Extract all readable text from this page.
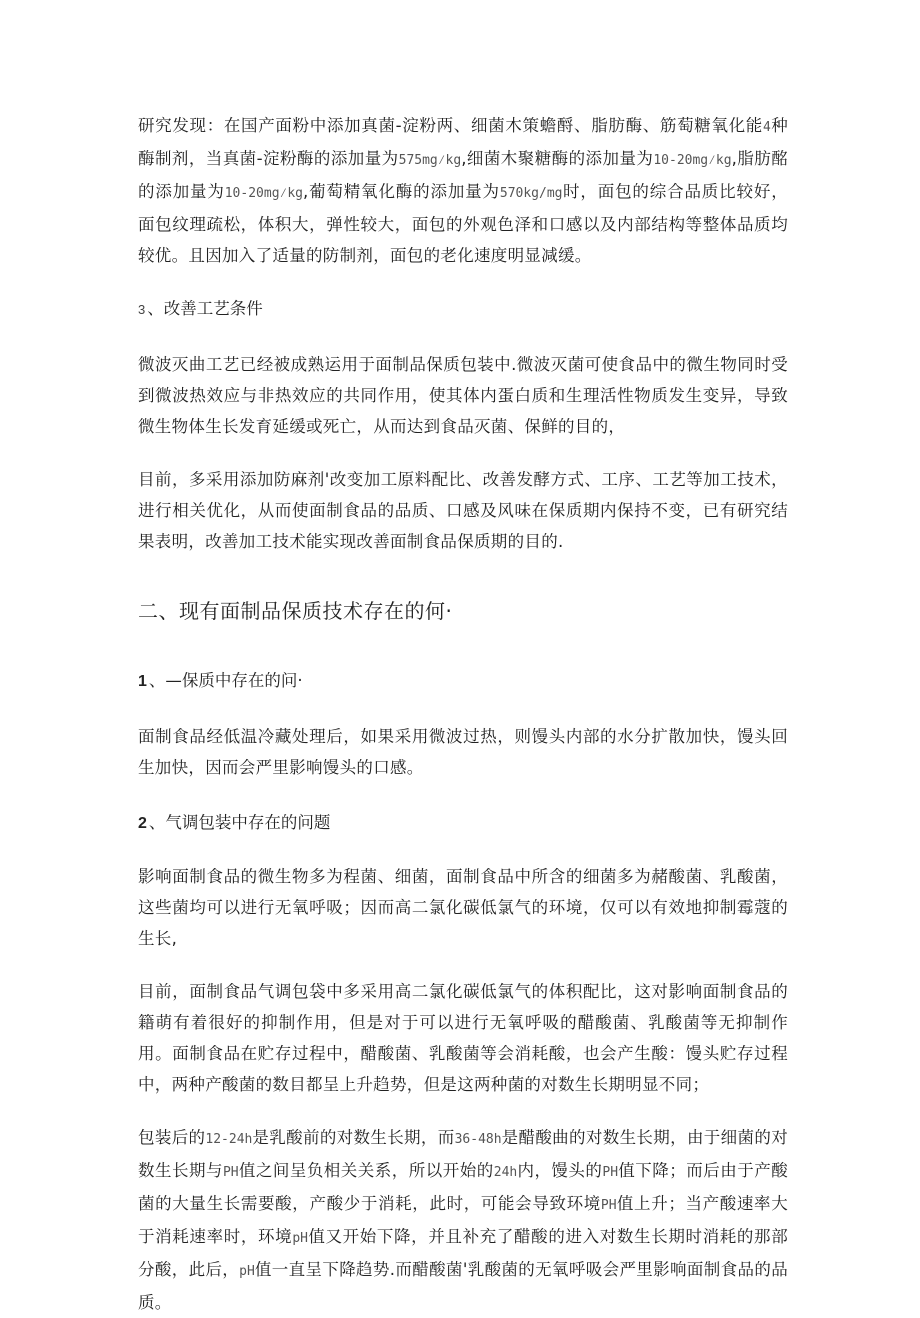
研究发现：在国产面粉中添加真菌-淀粉两、细菌木策蟾酹、脂肪酶、筋萄糖氧化能4种酶制剂，当真菌-淀粉酶的添加量为575mg⁄kg,细菌木聚糖酶的添加量为10-20mg⁄kg,脂肪酩的添加量为10-20mg⁄kg,葡萄精氧化酶的添加量为570kg/mg时，面包的综合品质比较好，面包纹理疏松，体积大，弹性较大，面包的外观色泽和口感以及内部结构等整体品质均较优。且因加入了适量的防制剂，面包的老化速度明显减缓。

3 、改善工艺条件

微波灭曲工艺已经被成熟运用于面制品保质包装中.微波灭菌可使食品中的微生物同时受到微波热效应与非热效应的共同作用，使其体内蛋白质和生理活性物质发生变异，导致微生物体生长发育延缓或死亡，从而达到食品灭菌、保鲜的目的，

目前，多采用添加防麻剂'改变加工原料配比、改善发酵方式、工序、工艺等加工技术，进行相关优化，从而使面制食品的品质、口感及风味在保质期内保持不变，已有研究结果表明，改善加工技术能实现改善面制食品保质期的目的.

二、现有面制品保质技术存在的何·

1 、—保质中存在的问·

面制食品经低温冷藏处理后，如果采用微波过热，则馒头内部的水分扩散加快，馒头回生加快，因而会严里影响馒头的口感。

2 、气调包装中存在的问题

影响面制食品的微生物多为程菌、细菌，面制食品中所含的细菌多为赭酸菌、乳酸菌，这些菌均可以进行无氧呼吸；因而高二氯化碳低氯气的环境，仅可以有效地抑制霉蔻的生长,

目前，面制食品气调包袋中多采用高二氯化碳低氯气的体积配比，这对影响面制食品的籍萌有着很好的抑制作用，但是对于可以进行无氧呼吸的醋酸菌、乳酸菌等无抑制作用。面制食品在贮存过程中，醋酸菌、乳酸菌等会消耗酸，也会产生酸：馒头贮存过程中，两种产酸菌的数目都呈上升趋势，但是这两种菌的对数生长期明显不同；

包装后的12-24h是乳酸前的对数生长期，而36-48h是醋酸曲的对数生长期，由于细菌的对数生长期与PH值之间呈负相关关系，所以开始的24h内，馒头的PH值下降；而后由于产酸菌的大量生长需要酸，产酸少于消耗，此时，可能会导致环境PH值上升；当产酸速率大于消耗速率时，环境pH值又开始下降，并且补充了醋酸的进入对数生长期时消耗的那部分酸，此后，pH值一直呈下降趋势.而醋酸菌'乳酸菌的无氧呼吸会严里影响面制食品的品质。
